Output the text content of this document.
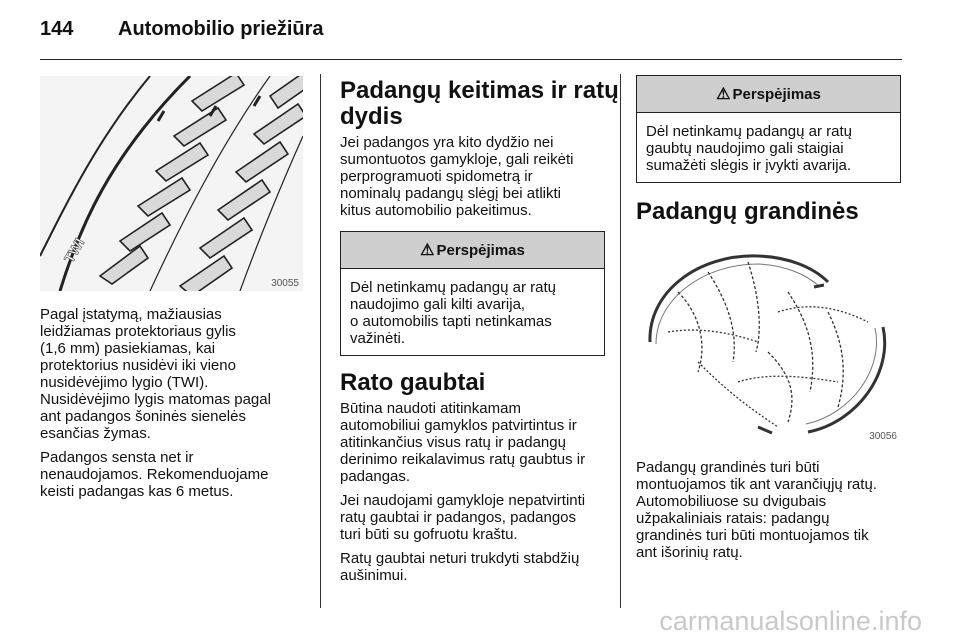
144 Automobilio priežiūra
TWI
30055

Pagal įstatymą, mažiausias
leidžiamas protektoriaus gylis
(1,6 mm) pasiekiamas, kai
protektorius nusidėvi iki vieno
nusidėvėjimo lygio (TWI).
Nusidėvėjimo lygis matomas pagal
ant padangos šoninės sienelės
esančias žymas.

Padangos sensta net ir
nenaudojamos. Rekomenduojame
keisti padangas kas 6 metus.

Padangų keitimas ir ratų
dydis

Jei padangos yra kito dydžio nei
sumontuotos gamykloje, gali reikėti
perprogramuoti spidometrą ir
nominalų padangų slėgį bei atlikti
kitus automobilio pakeitimus.

⚠ Perspėjimas
Dėl netinkamų padangų ar ratų
naudojimo gali kilti avarija,
o automobilis tapti netinkamas
važinėti.
Rato gaubtai

Būtina naudoti atitinkamam
automobiliui gamyklos patvirtintus ir
atitinkančius visus ratų ir padangų
derinimo reikalavimus ratų gaubtus ir
padangas.

Jei naudojami gamykloje nepatvirtinti
ratų gaubtai ir padangos, padangos
turi būti su gofruotu kraštu.

Ratų gaubtai neturi trukdyti stabdžių
aušinimui.

⚠ Perspėjimas
Dėl netinkamų padangų ar ratų
gaubtų naudojimo gali staigiai
sumažėti slėgis ir įvykti avarija.
Padangų grandinės
30056

Padangų grandinės turi būti
montuojamos tik ant varančiųjų ratų.
Automobiliuose su dvigubais
užpakaliniais ratais: padangų
grandinės turi būti montuojamos tik
ant išorinių ratų.

carmanualsonline.info
